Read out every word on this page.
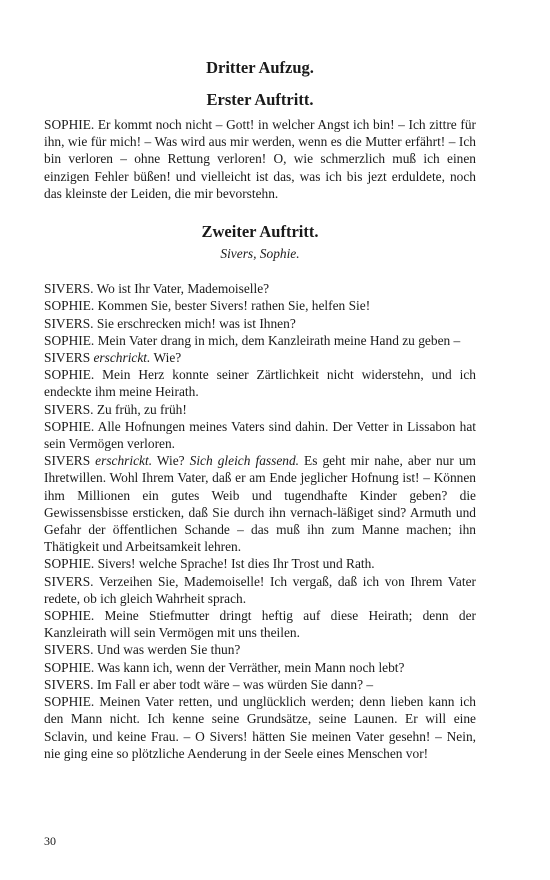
Dritter Aufzug.
Erster Auftritt.

SOPHIE. Er kommt noch nicht – Gott! in welcher Angst ich bin! – Ich zittre für ihn, wie für mich! – Was wird aus mir werden, wenn es die Mutter erfährt! – Ich bin verloren – ohne Rettung verloren! O, wie schmerzlich muß ich einen einzigen Fehler büßen! und vielleicht ist das, was ich bis jezt erduldete, noch das kleinste der Leiden, die mir bevorstehn.

Zweiter Auftritt.
Sivers, Sophie.

SIVERS. Wo ist Ihr Vater, Mademoiselle?

SOPHIE. Kommen Sie, bester Sivers! rathen Sie, helfen Sie!

SIVERS. Sie erschrecken mich! was ist Ihnen?

SOPHIE. Mein Vater drang in mich, dem Kanzleirath meine Hand zu geben –

SIVERS erschrickt. Wie?

SOPHIE. Mein Herz konnte seiner Zärtlichkeit nicht widerstehn, und ich endeckte ihm meine Heirath.

SIVERS. Zu früh, zu früh!

SOPHIE. Alle Hofnungen meines Vaters sind dahin. Der Vetter in Lissabon hat sein Vermögen verloren.

SIVERS erschrickt. Wie? Sich gleich fassend. Es geht mir nahe, aber nur um Ihretwillen. Wohl Ihrem Vater, daß er am Ende jeglicher Hofnung ist! – Können ihm Millionen ein gutes Weib und tugendhafte Kinder geben? die Gewissensbisse ersticken, daß Sie durch ihn vernach-läßiget sind? Armuth und Gefahr der öffentlichen Schande – das muß ihn zum Manne machen; ihn Thätigkeit und Arbeitsamkeit lehren.

SOPHIE. Sivers! welche Sprache! Ist dies Ihr Trost und Rath.

SIVERS. Verzeihen Sie, Mademoiselle! Ich vergaß, daß ich von Ihrem Vater redete, ob ich gleich Wahrheit sprach.

SOPHIE. Meine Stiefmutter dringt heftig auf diese Heirath; denn der Kanzleirath will sein Vermögen mit uns theilen.

SIVERS. Und was werden Sie thun?

SOPHIE. Was kann ich, wenn der Verräther, mein Mann noch lebt?

SIVERS. Im Fall er aber todt wäre – was würden Sie dann? –

SOPHIE. Meinen Vater retten, und unglücklich werden; denn lieben kann ich den Mann nicht. Ich kenne seine Grundsätze, seine Launen. Er will eine Sclavin, und keine Frau. – O Sivers! hätten Sie meinen Vater gesehn! – Nein, nie ging eine so plötzliche Aenderung in der Seele eines Menschen vor!

30
